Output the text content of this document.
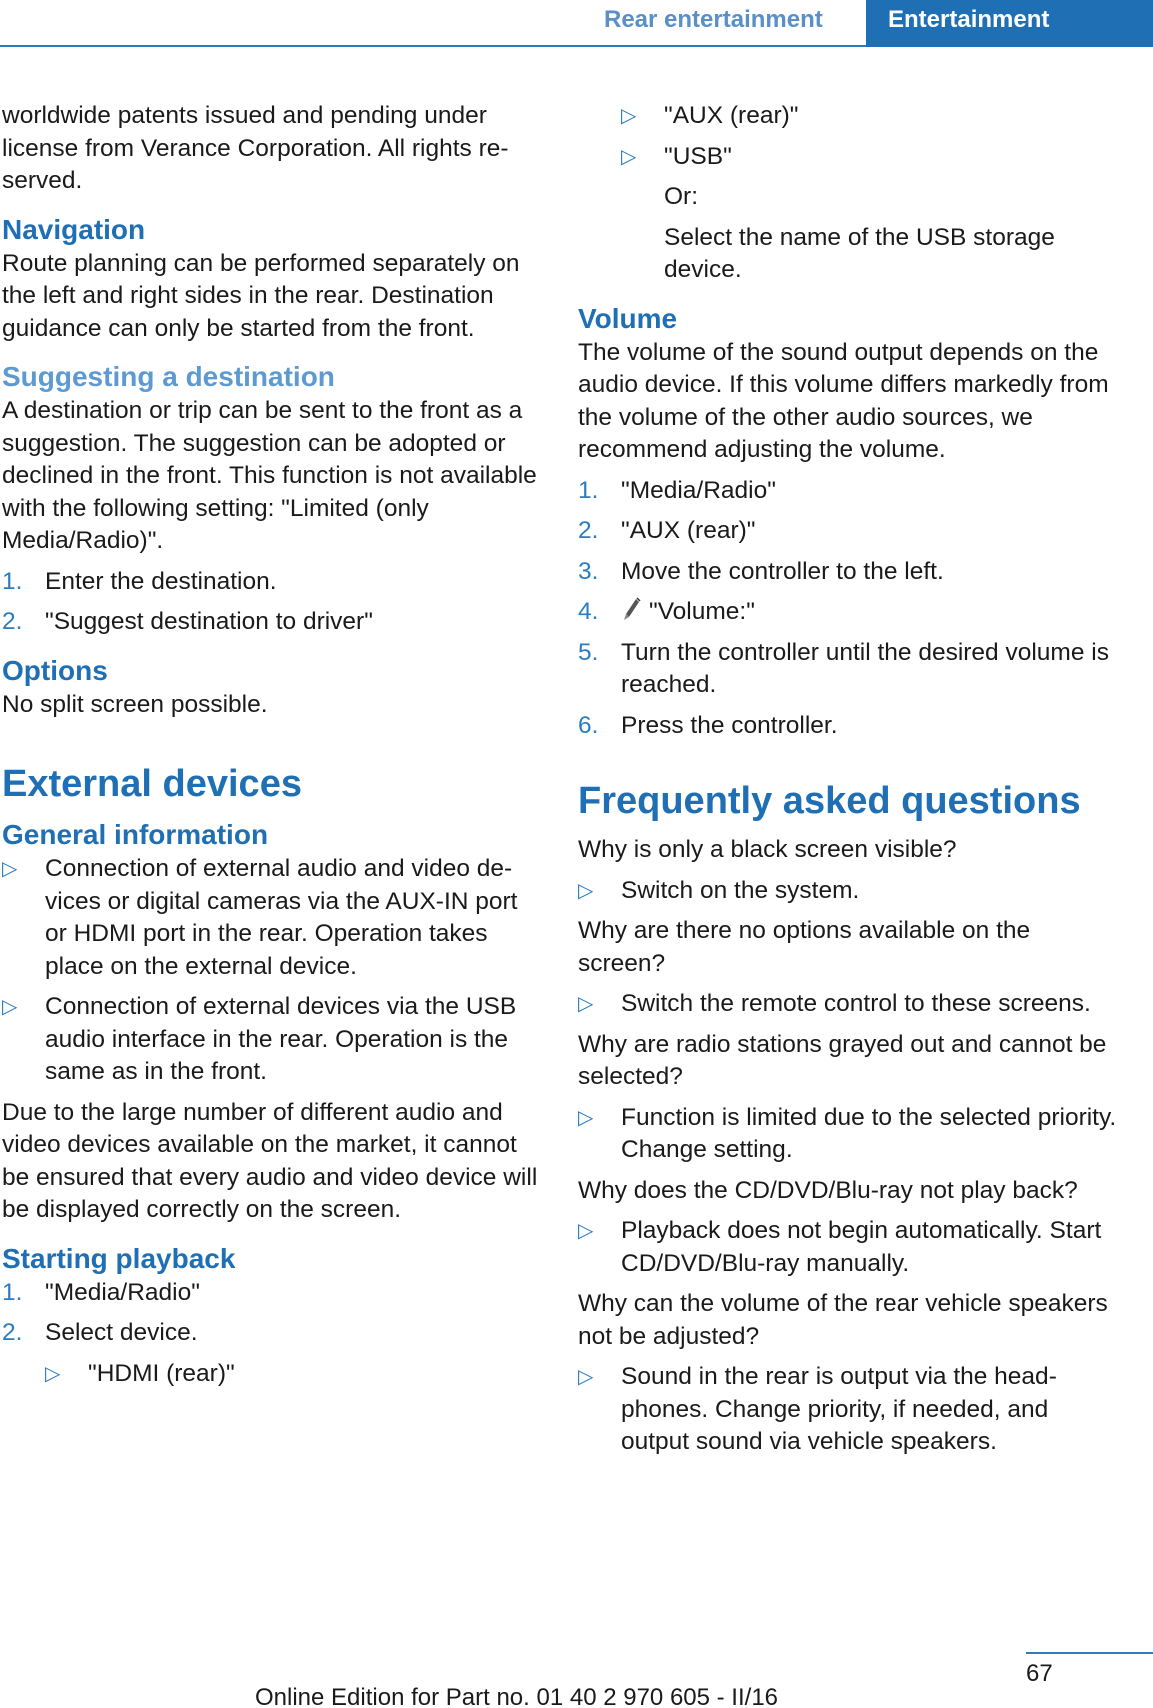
Rear entertainment	Entertainment

worldwide patents issued and pending under license from Verance Corporation. All rights reserved.

Navigation

Route planning can be performed separately on the left and right sides in the rear. Destination guidance can only be started from the front.

Suggesting a destination

A destination or trip can be sent to the front as a suggestion. The suggestion can be adopted or declined in the front. This function is not available with the following setting: "Limited (only Media/Radio)".

1. Enter the destination.
2. "Suggest destination to driver"
Options

No split screen possible.

External devices
General information
▷	Connection of external audio and video devices or digital cameras via the AUX-IN port or HDMI port in the rear. Operation takes place on the external device.
▷	Connection of external devices via the USB audio interface in the rear. Operation is the same as in the front.

Due to the large number of different audio and video devices available on the market, it cannot be ensured that every audio and video device will be displayed correctly on the screen.

Starting playback
1. "Media/Radio"
2. Select device.
▷	"HDMI (rear)"
▷	"AUX (rear)"
▷	"USB"

Or:

Select the name of the USB storage device.

Volume

The volume of the sound output depends on the audio device. If this volume differs markedly from the volume of the other audio sources, we recommend adjusting the volume.

1. "Media/Radio"
2. "AUX (rear)"
3. Move the controller to the left.
4.	"Volume:"
5. Turn the controller until the desired volume is reached.
6. Press the controller.
Frequently asked questions

Why is only a black screen visible?

▷	Switch on the system.

Why are there no options available on the screen?

▷	Switch the remote control to these screens.

Why are radio stations grayed out and cannot be selected?

▷	Function is limited due to the selected priority. Change setting.

Why does the CD/DVD/Blu-ray not play back?

▷	Playback does not begin automatically. Start CD/DVD/Blu-ray manually.

Why can the volume of the rear vehicle speakers not be adjusted?

▷	Sound in the rear is output via the headphones. Change priority, if needed, and output sound via vehicle speakers.
67
Online Edition for Part no. 01 40 2 970 605 - II/16
